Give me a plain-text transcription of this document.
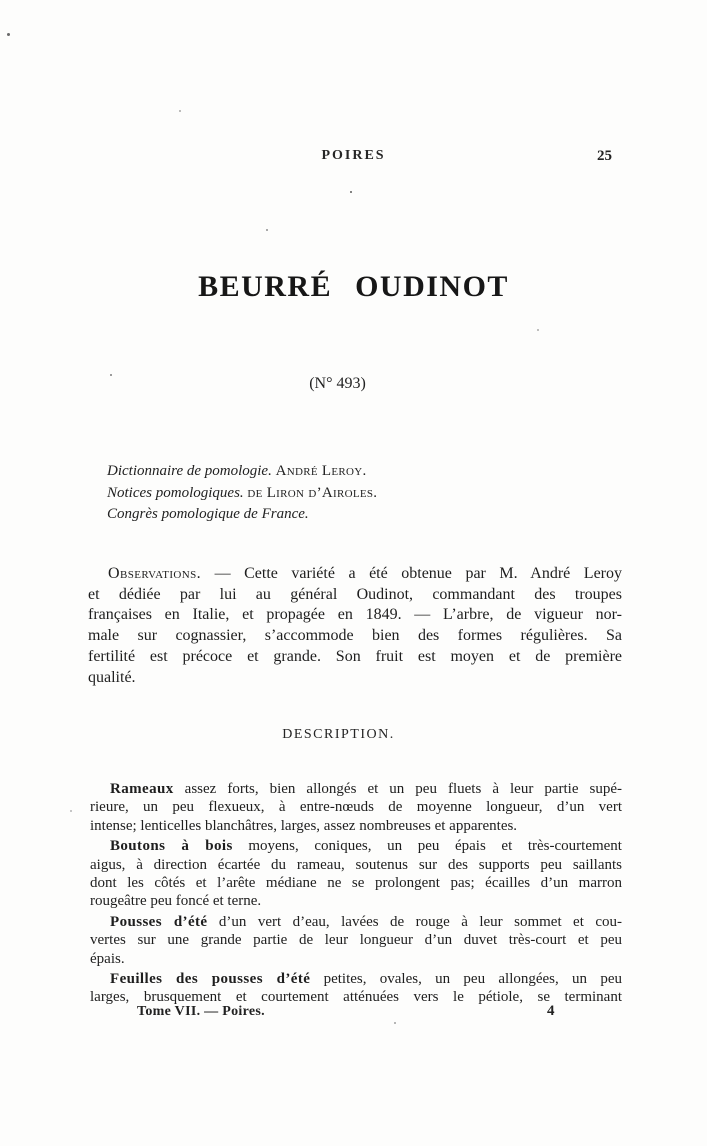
POIRES	25
BEURRÉ OUDINOT
(N° 493)
Dictionnaire de pomologie. André Leroy.
Notices pomologiques. de Liron d’Airoles.
Congrès pomologique de France.
Observations. — Cette variété a été obtenue par M. André Leroy
et dédiée par lui au général Oudinot, commandant des troupes
françaises en Italie, et propagée en 1849. — L’arbre, de vigueur nor-
male sur cognassier, s’accommode bien des formes régulières. Sa
fertilité est précoce et grande. Son fruit est moyen et de première
qualité.
DESCRIPTION.
Rameaux assez forts, bien allongés et un peu fluets à leur partie supé-
rieure, un peu flexueux, à entre-nœuds de moyenne longueur, d’un vert
intense; lenticelles blanchâtres, larges, assez nombreuses et apparentes.
Boutons à bois moyens, coniques, un peu épais et très-courtement
aigus, à direction écartée du rameau, soutenus sur des supports peu saillants
dont les côtés et l’arête médiane ne se prolongent pas; écailles d’un marron
rougeâtre peu foncé et terne.
Pousses d’été d’un vert d’eau, lavées de rouge à leur sommet et cou-
vertes sur une grande partie de leur longueur d’un duvet très-court et peu
épais.
Feuilles des pousses d’été petites, ovales, un peu allongées, un peu
larges, brusquement et courtement atténuées vers le pétiole, se terminant
Tome VII. — Poires.	4
